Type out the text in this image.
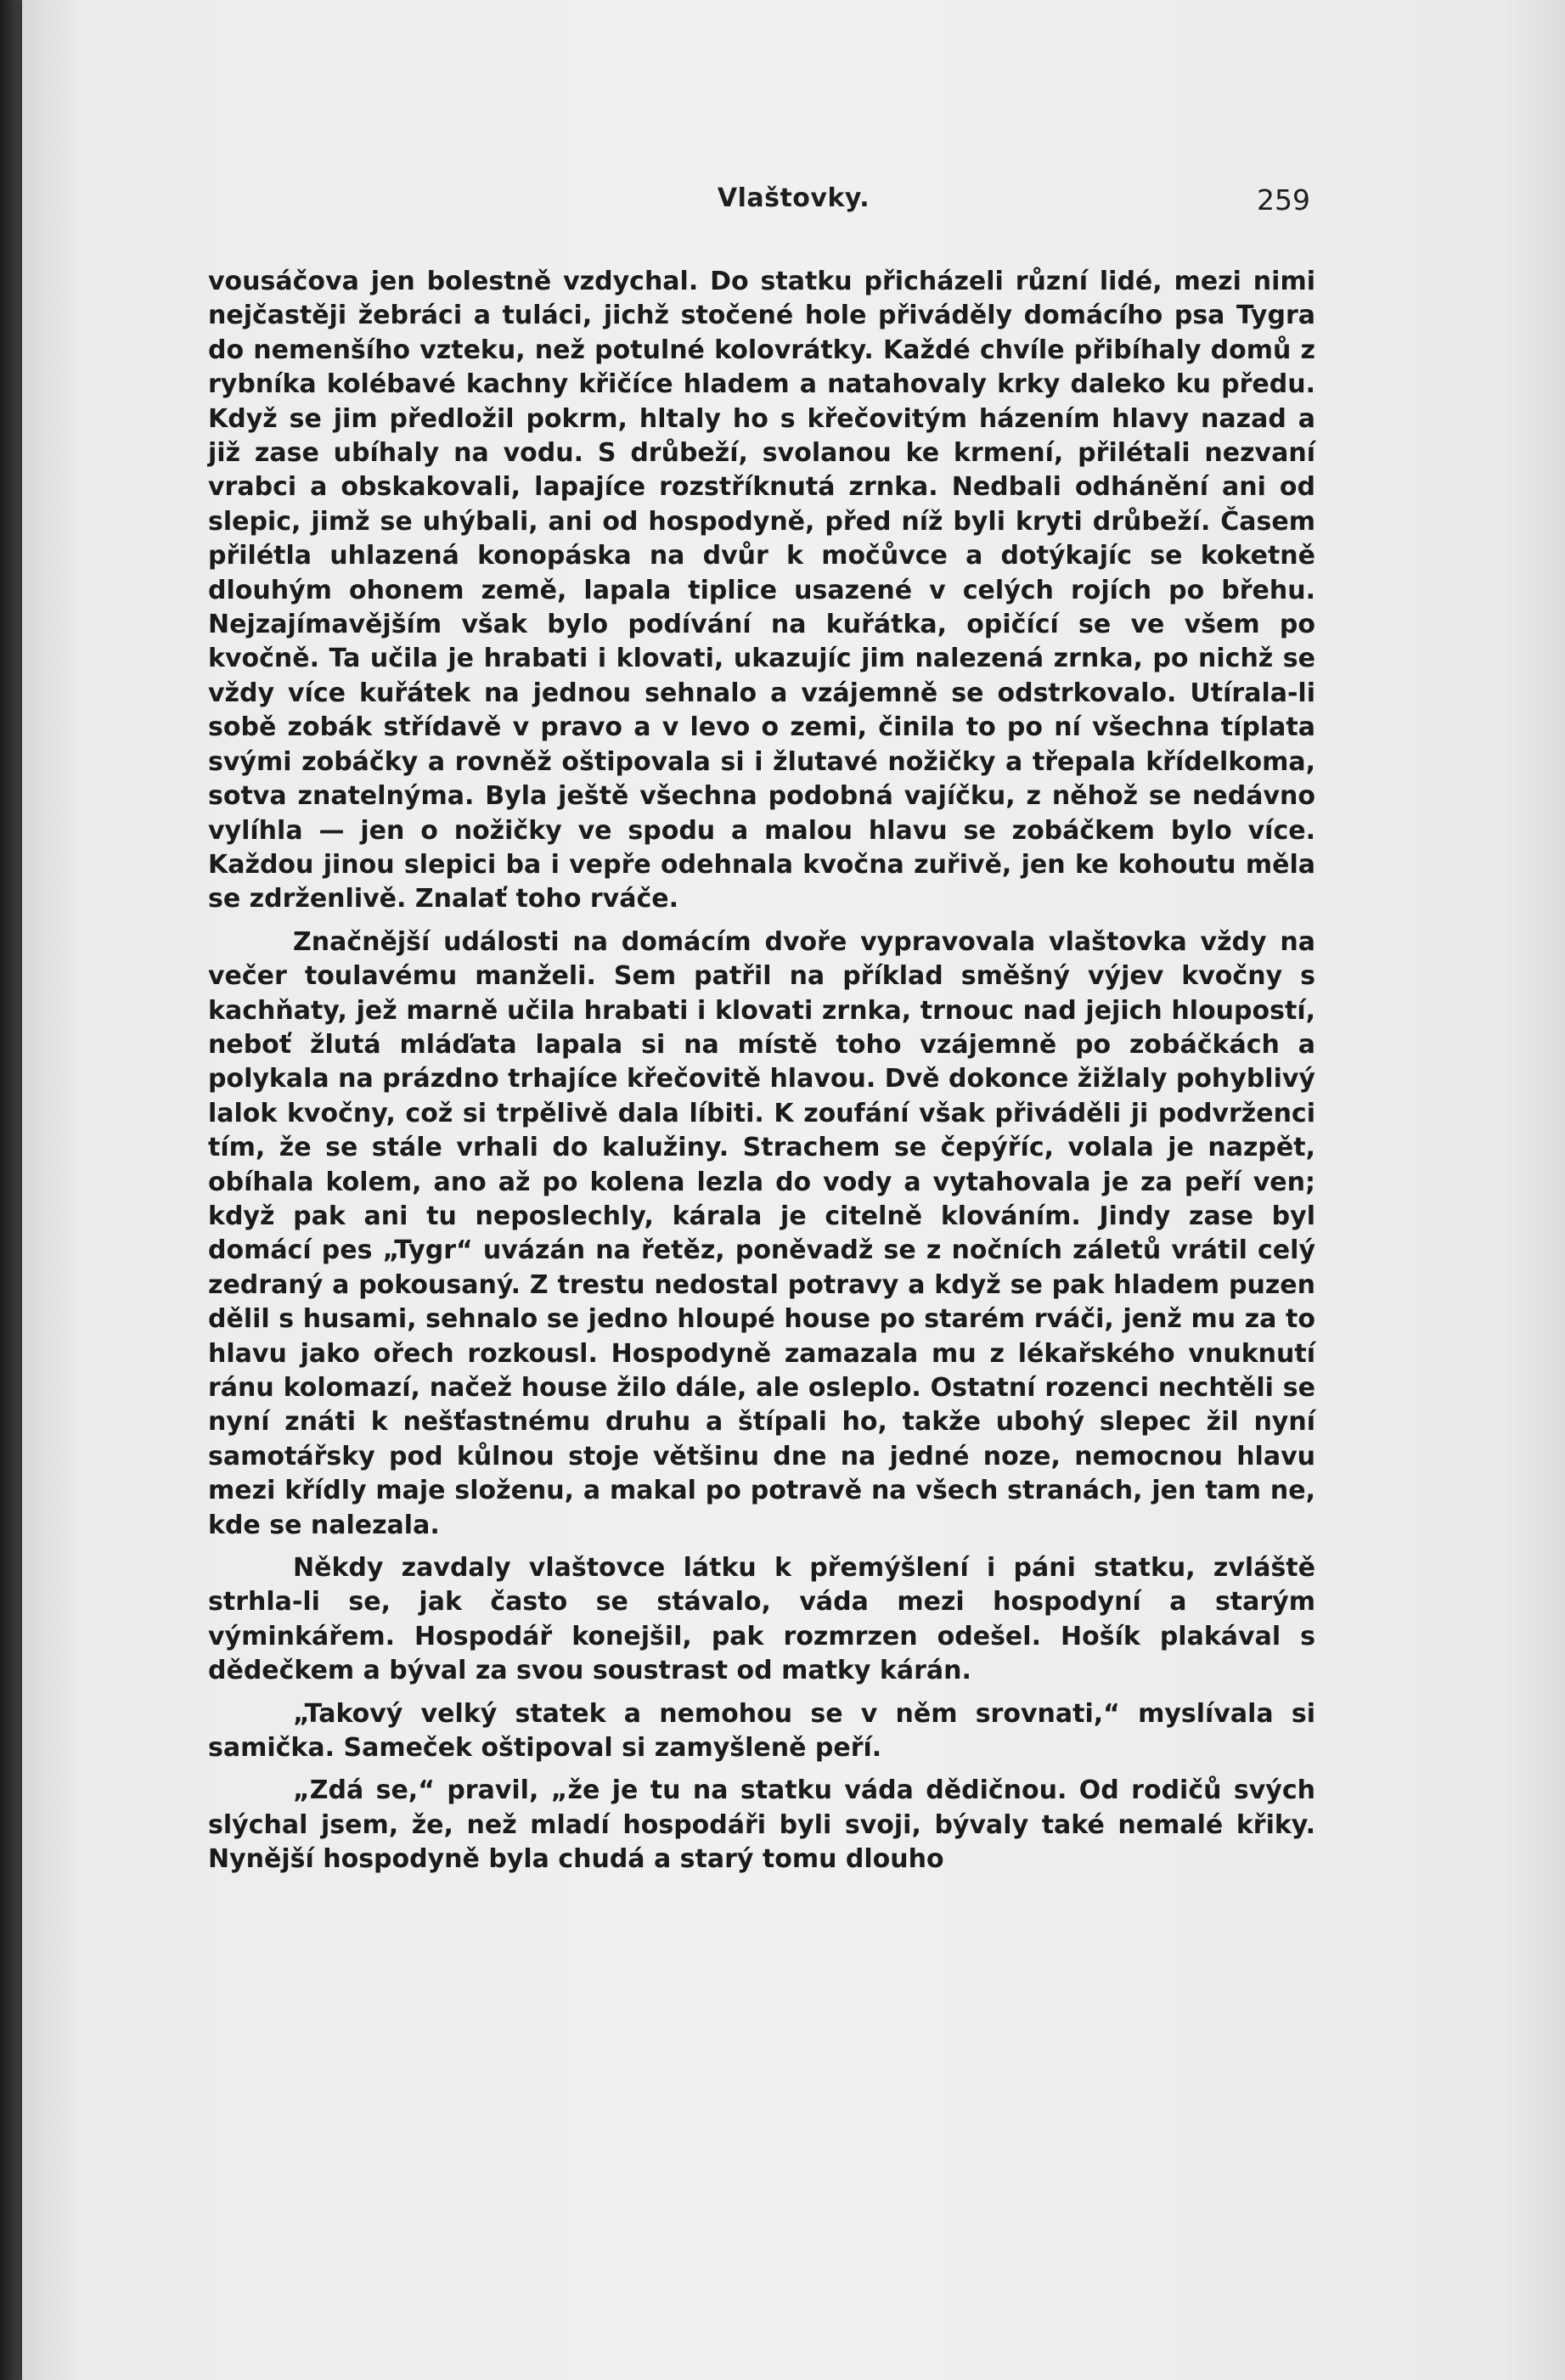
Vlaštovky.	259

vousáčova jen bolestně vzdychal. Do statku přicházeli různí lidé, mezi nimi nejčastěji žebráci a tuláci, jichž stočené hole přiváděly domácího psa Tygra do nemenšího vzteku, než potulné kolovrátky. Každé chvíle přibíhaly domů z rybníka kolébavé kachny křičíce hladem a natahovaly krky daleko ku předu. Když se jim předložil pokrm, hltaly ho s křečovitým házením hlavy nazad a již zase ubíhaly na vodu. S drůbeží, svolanou ke krmení, přilétali nezvaní vrabci a obskakovali, lapajíce rozstříknutá zrnka. Nedbali odhánění ani od slepic, jimž se uhýbali, ani od hospodyně, před níž byli kryti drůbeží. Časem přilétla uhlazená konopáska na dvůr k močůvce a dotýkajíc se koketně dlouhým ohonem země, lapala tiplice usazené v celých rojích po břehu. Nejzajímavějším však bylo podívání na kuřátka, opičící se ve všem po kvočně. Ta učila je hrabati i klovati, ukazujíc jim nalezená zrnka, po nichž se vždy více kuřátek na jednou sehnalo a vzájemně se odstrkovalo. Utírala-li sobě zobák střídavě v pravo a v levo o zemi, činila to po ní všechna típlata svými zobáčky a rovněž oštipovala si i žlutavé nožičky a třepala křídelkoma, sotva znatelnýma. Byla ještě všechna podobná vajíčku, z něhož se nedávno vylíhla — jen o nožičky ve spodu a malou hlavu se zobáčkem bylo více. Každou jinou slepici ba i vepře odehnala kvočna zuřivě, jen ke kohoutu měla se zdrženlivě. Znalať toho rváče.

Značnější události na domácím dvoře vypravovala vlaštovka vždy na večer toulavému manželi. Sem patřil na příklad směšný výjev kvočny s kachňaty, jež marně učila hrabati i klovati zrnka, trnouc nad jejich hloupostí, neboť žlutá mláďata lapala si na místě toho vzájemně po zobáčkách a polykala na prázdno trhajíce křečovitě hlavou. Dvě dokonce žižlaly pohyblivý lalok kvočny, což si trpělivě dala líbiti. K zoufání však přiváděli ji podvrženci tím, že se stále vrhali do kalužiny. Strachem se čepýříc, volala je nazpět, obíhala kolem, ano až po kolena lezla do vody a vytahovala je za peří ven; když pak ani tu neposlechly, kárala je citelně klováním. Jindy zase byl domácí pes „Tygr“ uvázán na řetěz, poněvadž se z nočních záletů vrátil celý zedraný a pokousaný. Z trestu nedostal potravy a když se pak hladem puzen dělil s husami, sehnalo se jedno hloupé house po starém rváči, jenž mu za to hlavu jako ořech rozkousl. Hospodyně zamazala mu z lékařského vnuknutí ránu kolomazí, načež house žilo dále, ale osleplo. Ostatní rozenci nechtěli se nyní znáti k nešťastnému druhu a štípali ho, takže ubohý slepec žil nyní samotářsky pod kůlnou stoje většinu dne na jedné noze, nemocnou hlavu mezi křídly maje složenu, a makal po potravě na všech stranách, jen tam ne, kde se nalezala.

Někdy zavdaly vlaštovce látku k přemýšlení i páni statku, zvláště strhla-li se, jak často se stávalo, váda mezi hospodyní a starým výminkářem. Hospodář konejšil, pak rozmrzen odešel. Hošík plakával s dědečkem a býval za svou soustrast od matky kárán.

„Takový velký statek a nemohou se v něm srovnati,“ myslívala si samička. Sameček oštipoval si zamyšleně peří.

„Zdá se,“ pravil, „že je tu na statku váda dědičnou. Od rodičů svých slýchal jsem, že, než mladí hospodáři byli svoji, bývaly také nemalé křiky. Nynější hospodyně byla chudá a starý tomu dlouho
